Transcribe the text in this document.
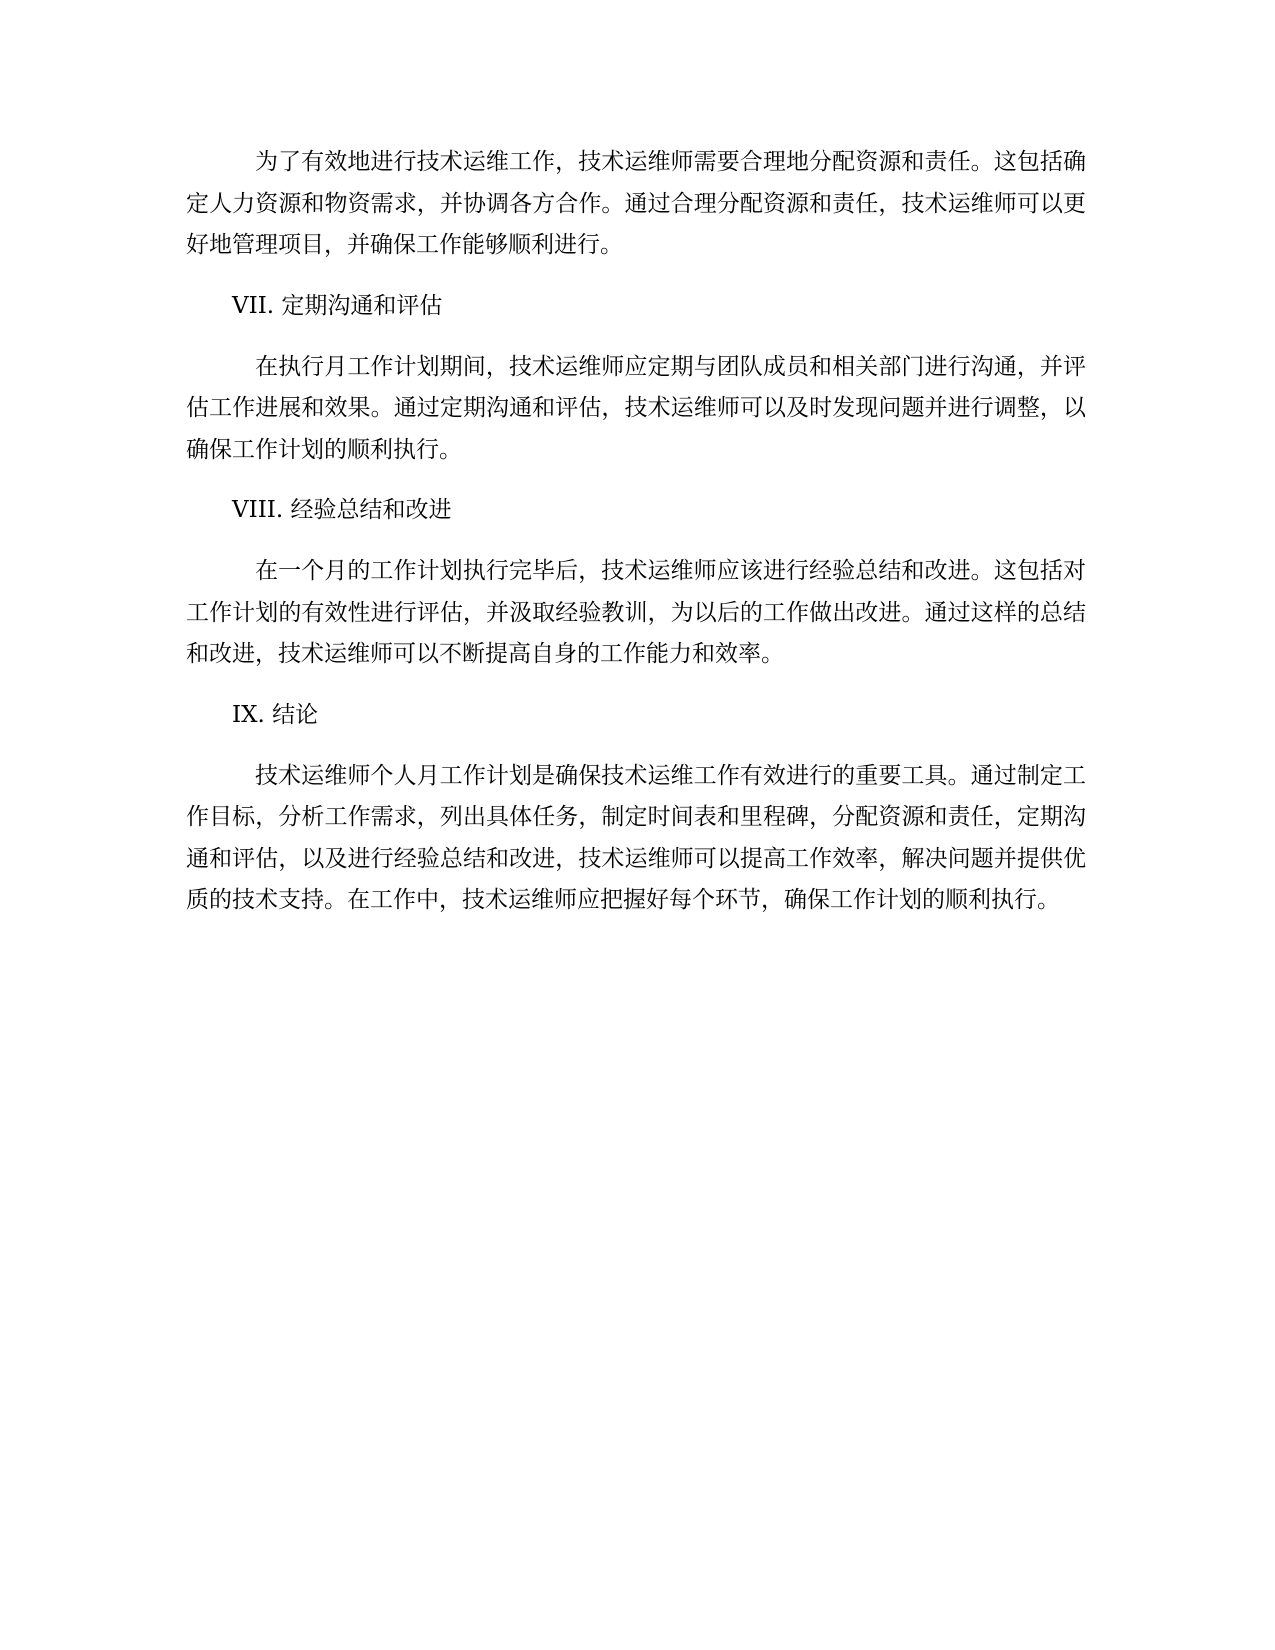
为了有效地进行技术运维工作，技术运维师需要合理地分配资源和责任。这包括确定人力资源和物资需求，并协调各方合作。通过合理分配资源和责任，技术运维师可以更好地管理项目，并确保工作能够顺利进行。

VII. 定期沟通和评估

在执行月工作计划期间，技术运维师应定期与团队成员和相关部门进行沟通，并评估工作进展和效果。通过定期沟通和评估，技术运维师可以及时发现问题并进行调整，以确保工作计划的顺利执行。

VIII. 经验总结和改进

在一个月的工作计划执行完毕后，技术运维师应该进行经验总结和改进。这包括对工作计划的有效性进行评估，并汲取经验教训，为以后的工作做出改进。通过这样的总结和改进，技术运维师可以不断提高自身的工作能力和效率。

IX. 结论

技术运维师个人月工作计划是确保技术运维工作有效进行的重要工具。通过制定工作目标，分析工作需求，列出具体任务，制定时间表和里程碑，分配资源和责任，定期沟通和评估，以及进行经验总结和改进，技术运维师可以提高工作效率，解决问题并提供优质的技术支持。在工作中，技术运维师应把握好每个环节，确保工作计划的顺利执行。
